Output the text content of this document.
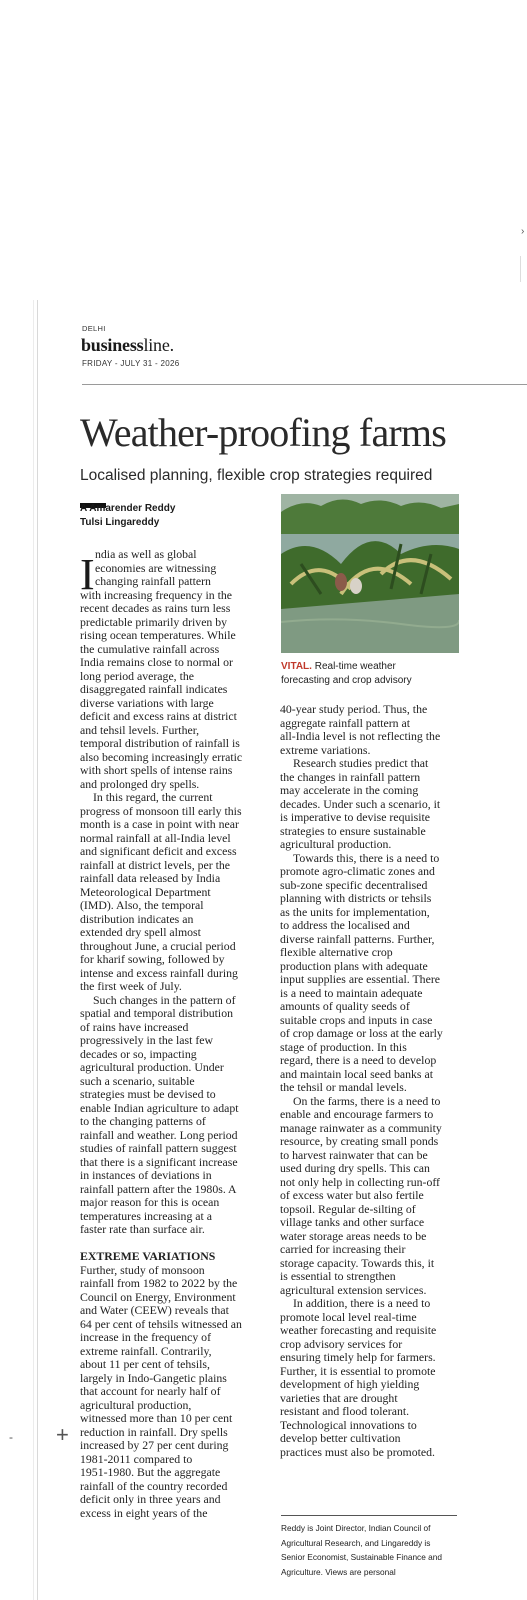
›
DELHI
businessline.
FRIDAY - JULY 31 - 2026
Weather-proofing farms
Localised planning, flexible crop strategies required
A Amarender Reddy
Tulsi Lingareddy
I ndia as well as global

economies are witnessing

changing rainfall pattern

with increasing frequency in the

recent decades as rains turn less

predictable primarily driven by

rising ocean temperatures. While

the cumulative rainfall across

India remains close to normal or

long period average, the

disaggregated rainfall indicates

diverse variations with large

deficit and excess rains at district

and tehsil levels. Further,

temporal distribution of rainfall is

also becoming increasingly erratic

with short spells of intense rains

and prolonged dry spells.

In this regard, the current

progress of monsoon till early this

month is a case in point with near

normal rainfall at all-India level

and significant deficit and excess

rainfall at district levels, per the

rainfall data released by India

Meteorological Department

(IMD). Also, the temporal

distribution indicates an

extended dry spell almost

throughout June, a crucial period

for kharif sowing, followed by

intense and excess rainfall during

the first week of July.

Such changes in the pattern of

spatial and temporal distribution

of rains have increased

progressively in the last few

decades or so, impacting

agricultural production. Under

such a scenario, suitable

strategies must be devised to

enable Indian agriculture to adapt

to the changing patterns of

rainfall and weather. Long period

studies of rainfall pattern suggest

that there is a significant increase

in instances of deviations in

rainfall pattern after the 1980s. A

major reason for this is ocean

temperatures increasing at a

faster rate than surface air.

EXTREME VARIATIONS

Further, study of monsoon

rainfall from 1982 to 2022 by the

Council on Energy, Environment

and Water (CEEW) reveals that

64 per cent of tehsils witnessed an

increase in the frequency of

extreme rainfall. Contrarily,

about 11 per cent of tehsils,

largely in Indo-Gangetic plains

that account for nearly half of

agricultural production,

witnessed more than 10 per cent

reduction in rainfall. Dry spells

increased by 27 per cent during

1981-2011 compared to

1951-1980. But the aggregate

rainfall of the country recorded

deficit only in three years and

excess in eight years of the

VITAL. Real-time weather
forecasting and crop advisory

40-year study period. Thus, the

aggregate rainfall pattern at

all-India level is not reflecting the

extreme variations.

Research studies predict that

the changes in rainfall pattern

may accelerate in the coming

decades. Under such a scenario, it

is imperative to devise requisite

strategies to ensure sustainable

agricultural production.

Towards this, there is a need to

promote agro-climatic zones and

sub-zone specific decentralised

planning with districts or tehsils

as the units for implementation,

to address the localised and

diverse rainfall patterns. Further,

flexible alternative crop

production plans with adequate

input supplies are essential. There

is a need to maintain adequate

amounts of quality seeds of

suitable crops and inputs in case

of crop damage or loss at the early

stage of production. In this

regard, there is a need to develop

and maintain local seed banks at

the tehsil or mandal levels.

On the farms, there is a need to

enable and encourage farmers to

manage rainwater as a community

resource, by creating small ponds

to harvest rainwater that can be

used during dry spells. This can

not only help in collecting run-off

of excess water but also fertile

topsoil. Regular de-silting of

village tanks and other surface

water storage areas needs to be

carried for increasing their

storage capacity. Towards this, it

is essential to strengthen

agricultural extension services.

In addition, there is a need to

promote local level real-time

weather forecasting and requisite

crop advisory services for

ensuring timely help for farmers.

Further, it is essential to promote

development of high yielding

varieties that are drought

resistant and flood tolerant.

Technological innovations to

develop better cultivation

practices must also be promoted.

Reddy is Joint Director, Indian Council of
Agricultural Research, and Lingareddy is
Senior Economist, Sustainable Finance and
Agriculture. Views are personal
- +
